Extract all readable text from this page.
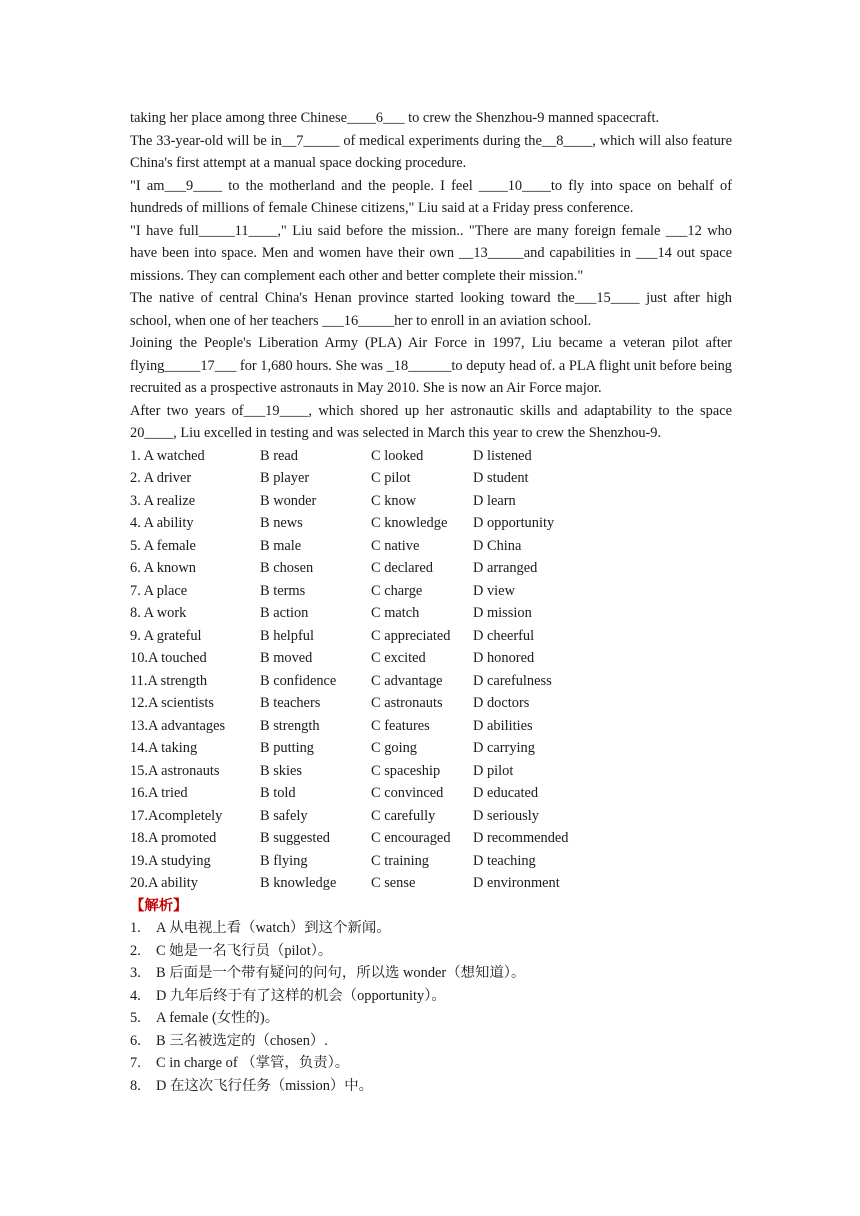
taking her place among three Chinese____6___ to crew the Shenzhou-9 manned spacecraft.

The 33-year-old will be in__7_____ of medical experiments during the__8____, which will also feature China's first attempt at a manual space docking procedure.

"I am___9____ to the motherland and the people. I feel ____10____to fly into space on behalf of hundreds of millions of female Chinese citizens," Liu said at a Friday press conference.

"I have full_____11____," Liu said before the mission.. "There are many foreign female ___12 who have been into space. Men and women have their own __13_____and capabilities in ___14 out space missions. They can complement each other and better complete their mission."

The native of central China's Henan province started looking toward the___15____ just after high school, when one of her teachers ___16_____her to enroll in an aviation school.

Joining the People's Liberation Army (PLA) Air Force in 1997, Liu became a veteran pilot after flying_____17___ for 1,680 hours. She was _18______to deputy head of. a PLA flight unit before being recruited as a prospective astronauts in May 2010. She is now an Air Force major.

After two years of___19____, which shored up her astronautic skills and adaptability to the space 20____, Liu excelled in testing and was selected in March this year to crew the Shenzhou-9.

1. A watched	B read	C looked	D listened
2. A driver	B player	C pilot	D student
3. A realize	B wonder	C know	D learn
4. A ability	B news	C knowledge D opportunity
5. A female	B male	C native	D China
6. A known	B chosen	C declared	D arranged
7. A place	B terms	C charge	D view
8. A work	B action	C match	D mission
9. A grateful	B helpful	C appreciated D cheerful
10.A touched	B moved	C excited	D honored
11.A strength	B confidence C advantage D carefulness
12.A scientists	B teachers	C astronauts D doctors
13.A advantages B strength	C features	D abilities
14.A taking	B putting	C going	D carrying
15.A astronauts	B skies	C spaceship D pilot
16.A tried	B told	C convinced D educated
17.Acompletely	B safely	C carefully	D seriously
18.A promoted	B suggested	C encouraged D recommended
19.A studying	B flying	C training	D teaching
20.A ability	B knowledge C sense	D environment
【解析】
1. A 从电视上看（watch）到这个新闻。
2. C 她是一名飞行员（pilot）。
3. B 后面是一个带有疑问的问句，所以选 wonder（想知道）。
4. D 九年后终于有了这样的机会（opportunity）。
5. A female (女性的)。
6. B 三名被选定的（chosen）.
7. C in charge of （掌管，负责）。
8. D 在这次飞行任务（mission）中。
